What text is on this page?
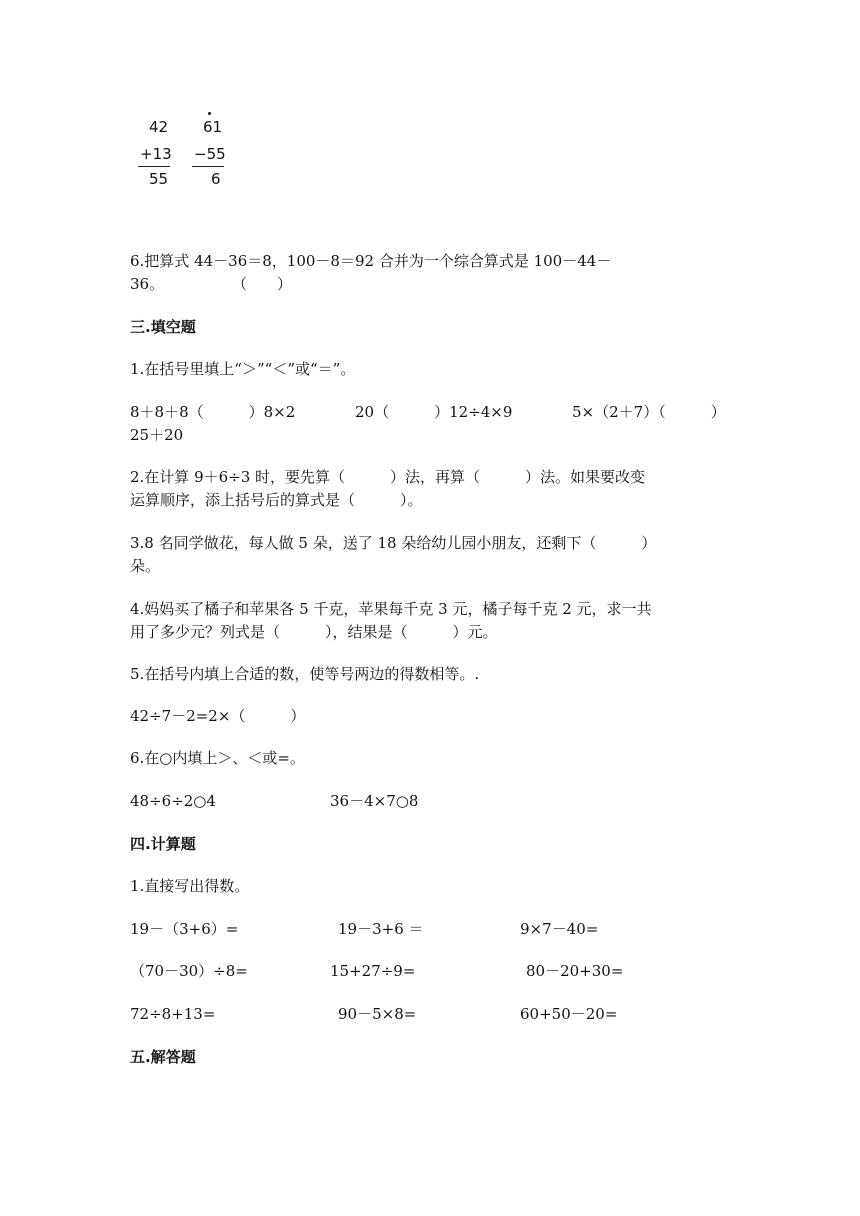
42
+13
55
61
−55
6
6.把算式 44－36＝8，100－8＝92 合并为一个综合算式是 100－44－
36。	（　　）
三.填空题
1.在括号里填上“＞”“＜”或“＝”。
8＋8＋8（　　　）8×2	20（　　　）12÷4×9	5×（2＋7）（　　　）
25＋20
2.在计算 9＋6÷3 时，要先算（　　　）法，再算（　　　）法。如果要改变
运算顺序，添上括号后的算式是（　　　）。
3.8 名同学做花，每人做 5 朵，送了 18 朵给幼儿园小朋友，还剩下（　　　）
朵。
4.妈妈买了橘子和苹果各 5 千克，苹果每千克 3 元，橘子每千克 2 元，求一共
用了多少元？列式是（　　　），结果是（　　　）元。
5.在括号内填上合适的数，使等号两边的得数相等。.
42÷7－2=2×（　　　）
6.在○内填上＞、＜或=。
48÷6÷2○4	36－4×7○8
四.计算题
1.直接写出得数。
19－（3+6）=	19－3+6 ＝	9×7－40=
（70－30）÷8=	15+27÷9=	80－20+30=
72÷8+13=	90－5×8=	60+50－20=
五.解答题
